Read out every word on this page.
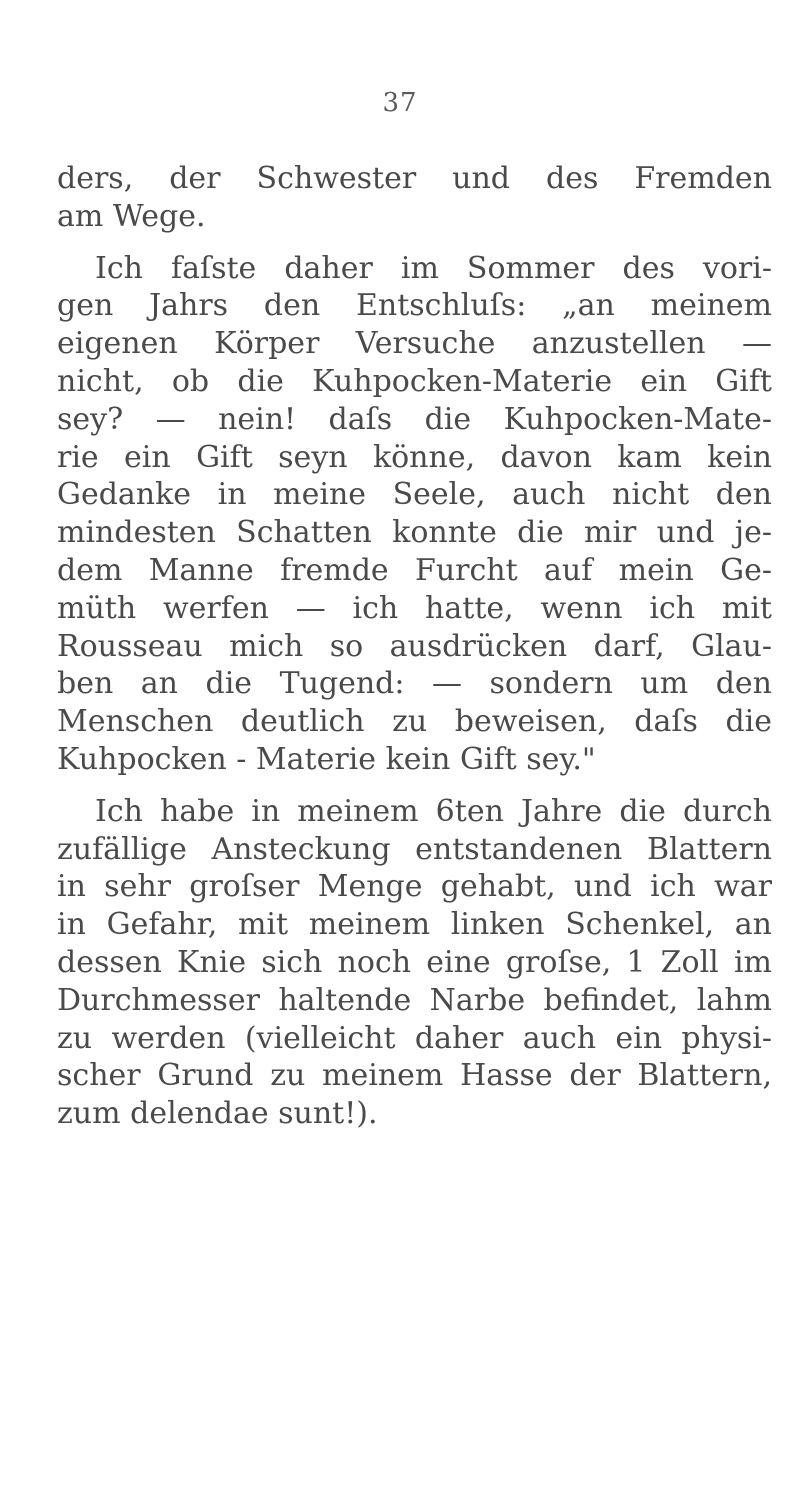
37
ders, der Schwester und des Fremden
am Wege.
Ich faſste daher im Sommer des vori-
gen Jahrs den Entschluſs: „an meinem
eigenen Körper Versuche anzustellen —
nicht, ob die Kuhpocken-Materie ein Gift
sey? — nein! daſs die Kuhpocken-Mate-
rie ein Gift seyn könne, davon kam kein
Gedanke in meine Seele, auch nicht den
mindesten Schatten konnte die mir und je-
dem Manne fremde Furcht auf mein Ge-
müth werfen — ich hatte, wenn ich mit
Rousseau mich so ausdrücken darf, Glau-
ben an die Tugend: — sondern um den
Menschen deutlich zu beweisen, daſs die
Kuhpocken - Materie kein Gift sey."
Ich habe in meinem 6ten Jahre die durch
zufällige Ansteckung entstandenen Blattern
in sehr groſser Menge gehabt, und ich war
in Gefahr, mit meinem linken Schenkel, an
dessen Knie sich noch eine groſse, 1 Zoll im
Durchmesser haltende Narbe befindet, lahm
zu werden (vielleicht daher auch ein physi-
scher Grund zu meinem Hasse der Blattern,
zum delendae sunt!).
